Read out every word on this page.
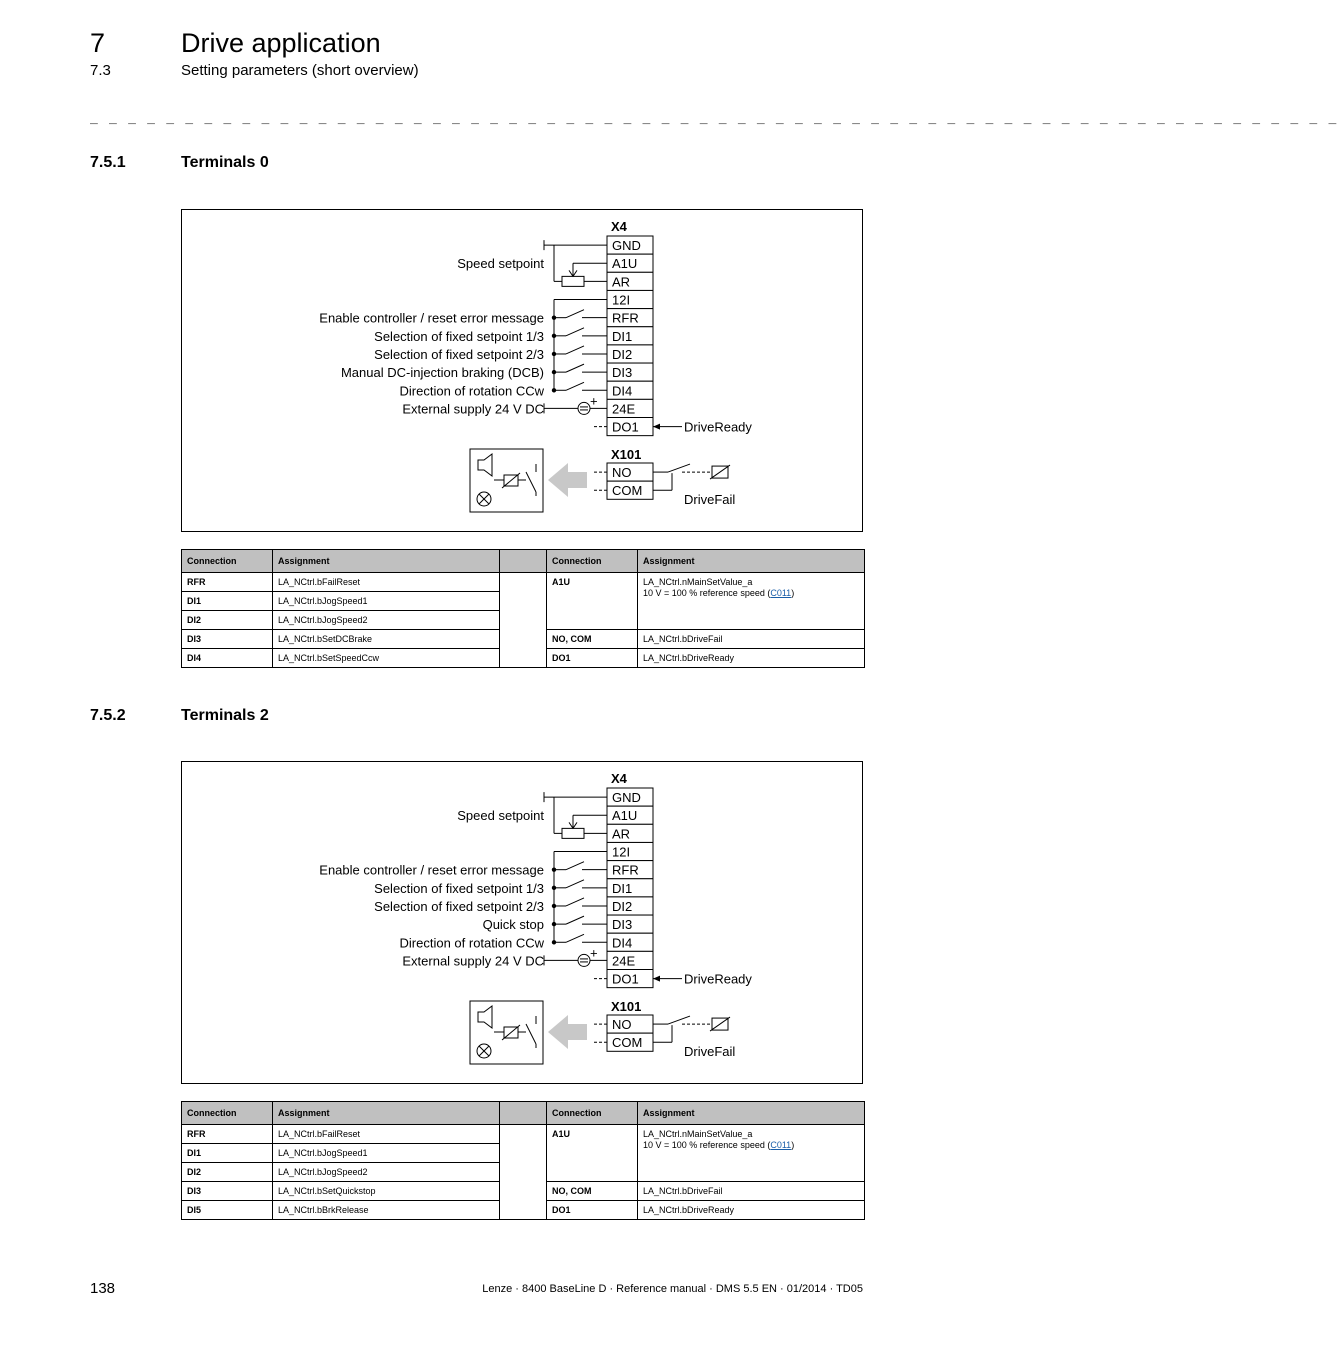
7	Drive application
7.3	Setting parameters (short overview)
_ _ _ _ _ _ _ _ _ _ _ _ _ _ _ _ _ _ _ _ _ _ _ _ _ _ _ _ _ _ _ _ _ _ _ _ _ _ _ _ _ _ _ _ _ _ _ _ _ _ _ _ _ _ _ _ _ _ _ _ _ _ _ _ _ _
7.5.1	Terminals 0
X4
GND
A1U
AR
12I
RFR
DI1
DI2
DI3
DI4
24E
DO1
Speed setpoint
Enable controller / reset error message
Selection of fixed setpoint 1/3
Selection of fixed setpoint 2/3
Manual DC-injection braking (DCB)
Direction of rotation CCw
External supply 24 V DC
+
DriveReady
X101
NO
COM
DriveFail
Connection	Assignment		Connection	Assignment
RFR	LA_NCtrl.bFailReset		A1U	LA_NCtrl.nMainSetValue_a
10 V = 100 % reference speed (C011)

DI1	LA_NCtrl.bJogSpeed1			
DI2	LA_NCtrl.bJogSpeed2			
DI3	LA_NCtrl.bSetDCBrake		NO, COM	LA_NCtrl.bDriveFail
DI4	LA_NCtrl.bSetSpeedCcw		DO1	LA_NCtrl.bDriveReady
7.5.2	Terminals 2
X4
GND
A1U
AR
12I
RFR
DI1
DI2
DI3
DI4
24E
DO1
Speed setpoint
Enable controller / reset error message
Selection of fixed setpoint 1/3
Selection of fixed setpoint 2/3
Quick stop
Direction of rotation CCw
External supply 24 V DC
+
DriveReady
X101
NO
COM
DriveFail
Connection	Assignment		Connection	Assignment
RFR	LA_NCtrl.bFailReset		A1U	LA_NCtrl.nMainSetValue_a
10 V = 100 % reference speed (C011)

DI1	LA_NCtrl.bJogSpeed1			
DI2	LA_NCtrl.bJogSpeed2			
DI3	LA_NCtrl.bSetQuickstop		NO, COM	LA_NCtrl.bDriveFail
DI5	LA_NCtrl.bBrkRelease		DO1	LA_NCtrl.bDriveReady
138	Lenze · 8400 BaseLine D · Reference manual · DMS 5.5 EN · 01/2014 · TD05
